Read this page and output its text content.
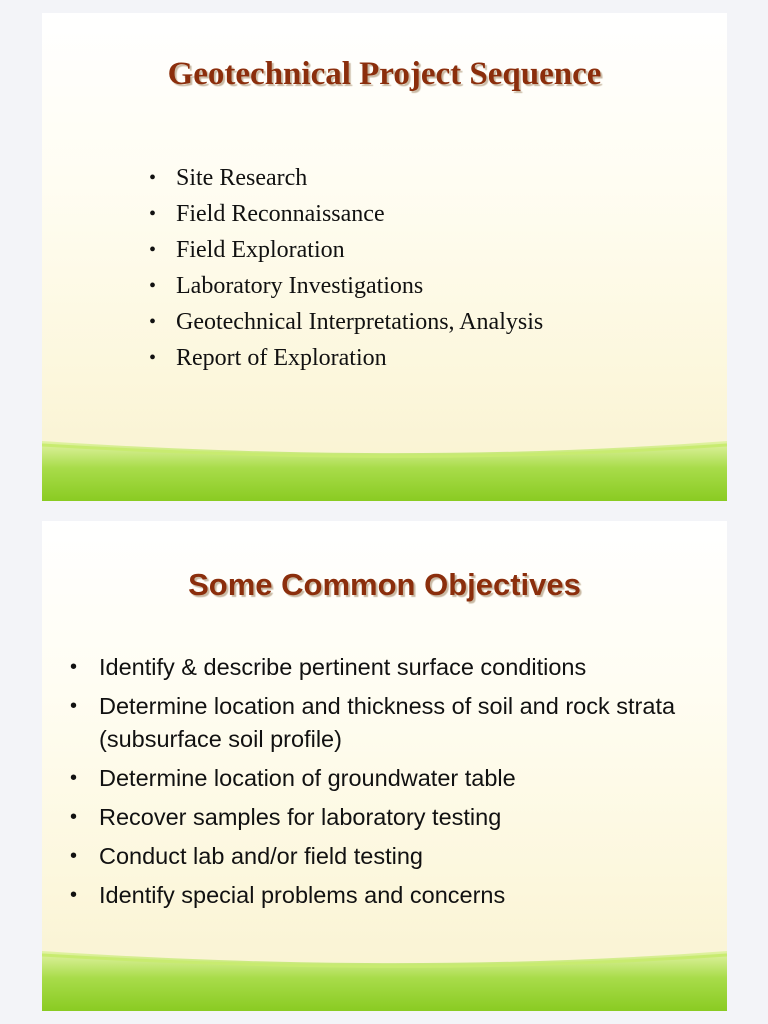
Geotechnical Project Sequence
• Site Research
• Field Reconnaissance
• Field Exploration
• Laboratory Investigations
• Geotechnical Interpretations, Analysis
• Report of Exploration
Some Common Objectives
• Identify & describe pertinent surface conditions
• Determine location and thickness of soil and rock strata (subsurface soil profile)
• Determine location of groundwater table
• Recover samples for laboratory testing
• Conduct lab and/or field testing
• Identify special problems and concerns
